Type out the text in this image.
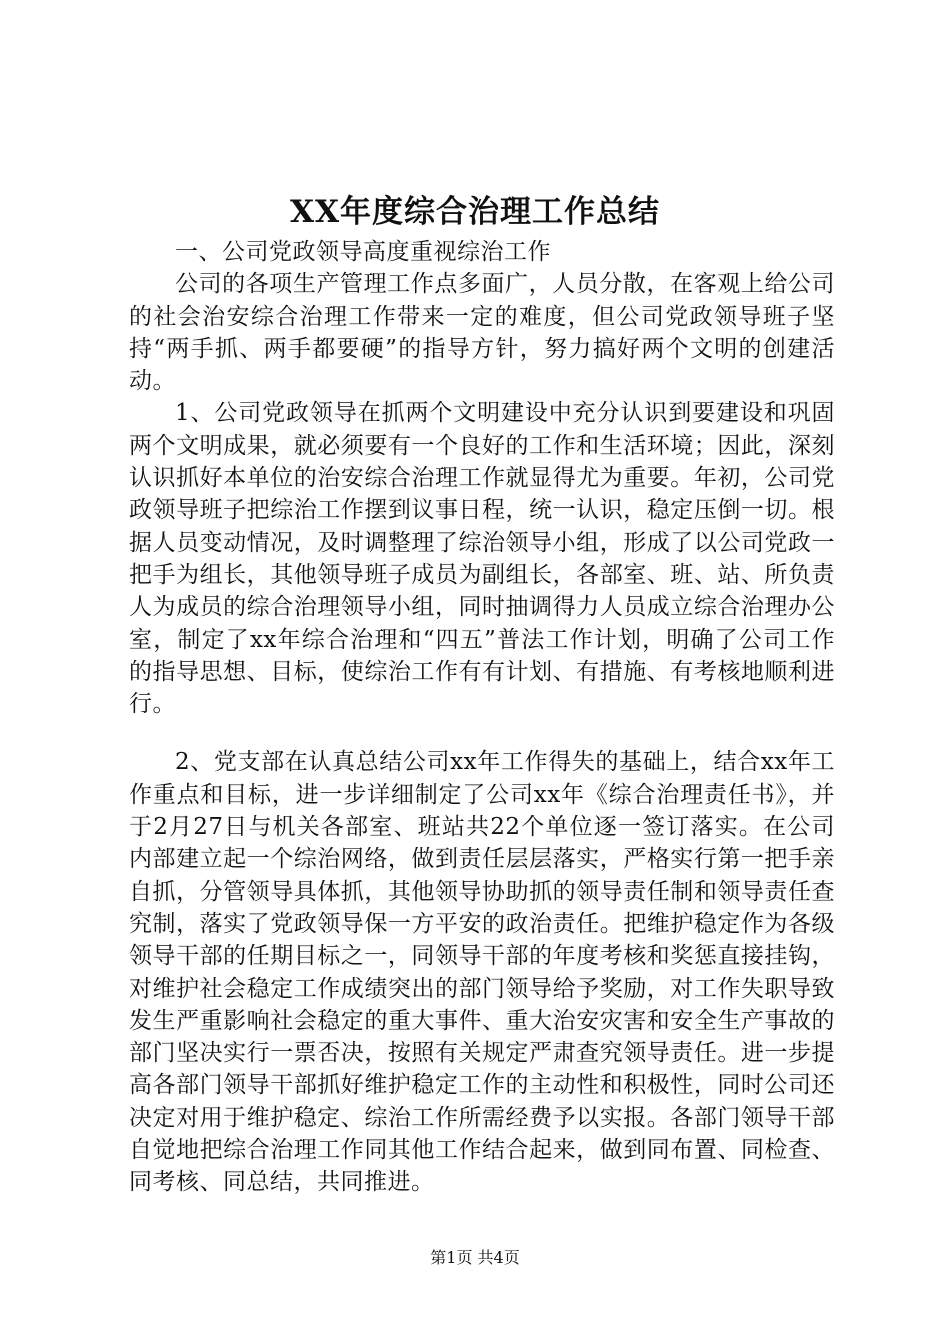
XX年度综合治理工作总结

一、公司党政领导高度重视综治工作

公司的各项生产管理工作点多面广，人员分散，在客观上给公司的社会治安综合治理工作带来一定的难度，但公司党政领导班子坚持“两手抓、两手都要硬”的指导方针，努力搞好两个文明的创建活动。

1、公司党政领导在抓两个文明建设中充分认识到要建设和巩固两个文明成果，就必须要有一个良好的工作和生活环境；因此，深刻认识抓好本单位的治安综合治理工作就显得尤为重要。年初，公司党政领导班子把综治工作摆到议事日程，统一认识，稳定压倒一切。根据人员变动情况，及时调整理了综治领导小组，形成了以公司党政一把手为组长，其他领导班子成员为副组长，各部室、班、站、所负责人为成员的综合治理领导小组，同时抽调得力人员成立综合治理办公室，制定了xx年综合治理和“四五”普法工作计划，明确了公司工作的指导思想、目标，使综治工作有有计划、有措施、有考核地顺利进行。

2、党支部在认真总结公司xx年工作得失的基础上，结合xx年工作重点和目标，进一步详细制定了公司xx年《综合治理责任书》，并于2月27日与机关各部室、班站共22个单位逐一签订落实。在公司内部建立起一个综治网络，做到责任层层落实，严格实行第一把手亲自抓，分管领导具体抓，其他领导协助抓的领导责任制和领导责任查究制，落实了党政领导保一方平安的政治责任。把维护稳定作为各级领导干部的任期目标之一，同领导干部的年度考核和奖惩直接挂钩，对维护社会稳定工作成绩突出的部门领导给予奖励，对工作失职导致发生严重影响社会稳定的重大事件、重大治安灾害和安全生产事故的部门坚决实行一票否决，按照有关规定严肃查究领导责任。进一步提高各部门领导干部抓好维护稳定工作的主动性和积极性，同时公司还决定对用于维护稳定、综治工作所需经费予以实报。各部门领导干部自觉地把综合治理工作同其他工作结合起来，做到同布置、同检查、同考核、同总结，共同推进。

第1页 共4页
